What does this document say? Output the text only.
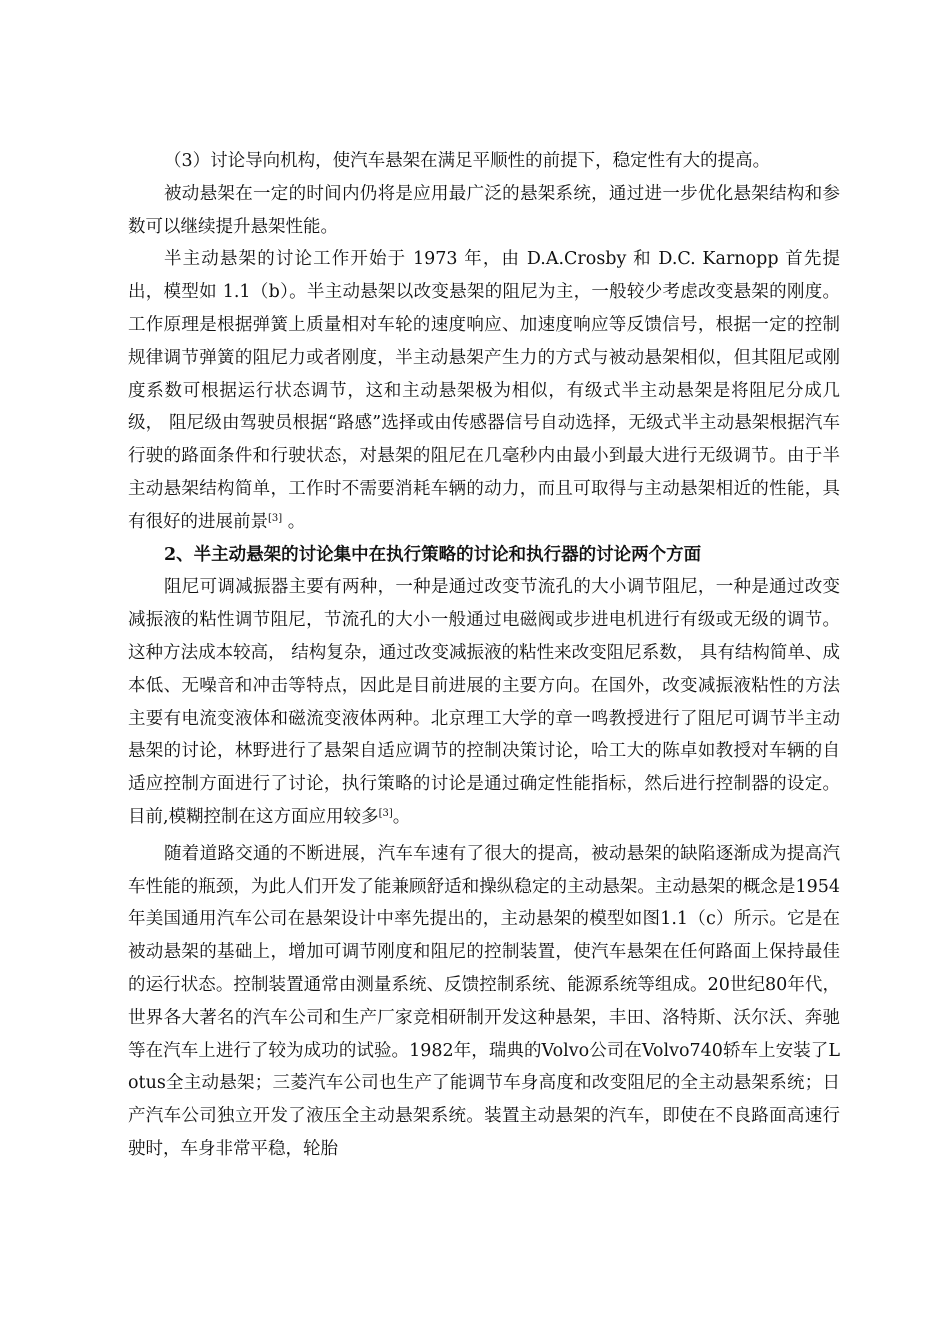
（3）讨论导向机构，使汽车悬架在满足平顺性的前提下，稳定性有大的提高。

被动悬架在一定的时间内仍将是应用最广泛的悬架系统，通过进一步优化悬架结构和参数可以继续提升悬架性能。

半主动悬架的讨论工作开始于 1973 年，由 D.A.Crosby 和 D.C. Karnopp 首先提出，模型如 1.1（b）。半主动悬架以改变悬架的阻尼为主，一般较少考虑改变悬架的刚度。工作原理是根据弹簧上质量相对车轮的速度响应、加速度响应等反馈信号，根据一定的控制规律调节弹簧的阻尼力或者刚度，半主动悬架产生力的方式与被动悬架相似，但其阻尼或刚度系数可根据运行状态调节，这和主动悬架极为相似，有级式半主动悬架是将阻尼分成几级， 阻尼级由驾驶员根据“路感”选择或由传感器信号自动选择，无级式半主动悬架根据汽车行驶的路面条件和行驶状态，对悬架的阻尼在几毫秒内由最小到最大进行无级调节。由于半主动悬架结构简单，工作时不需要消耗车辆的动力，而且可取得与主动悬架相近的性能，具有很好的进展前景[3] 。

2、半主动悬架的讨论集中在执行策略的讨论和执行器的讨论两个方面

阻尼可调减振器主要有两种，一种是通过改变节流孔的大小调节阻尼，一种是通过改变减振液的粘性调节阻尼，节流孔的大小一般通过电磁阀或步进电机进行有级或无级的调节。这种方法成本较高， 结构复杂，通过改变减振液的粘性来改变阻尼系数， 具有结构简单、成本低、无噪音和冲击等特点，因此是目前进展的主要方向。在国外，改变减振液粘性的方法主要有电流变液体和磁流变液体两种。北京理工大学的章一鸣教授进行了阻尼可调节半主动悬架的讨论，林野进行了悬架自适应调节的控制决策讨论，哈工大的陈卓如教授对车辆的自适应控制方面进行了讨论，执行策略的讨论是通过确定性能指标，然后进行控制器的设定。目前,模糊控制在这方面应用较多[3]。

随着道路交通的不断进展，汽车车速有了很大的提高，被动悬架的缺陷逐渐成为提高汽车性能的瓶颈，为此人们开发了能兼顾舒适和操纵稳定的主动悬架。主动悬架的概念是1954年美国通用汽车公司在悬架设计中率先提出的，主动悬架的模型如图1.1（c）所示。它是在被动悬架的基础上，增加可调节刚度和阻尼的控制装置，使汽车悬架在任何路面上保持最佳的运行状态。控制装置通常由测量系统、反馈控制系统、能源系统等组成。20世纪80年代，世界各大著名的汽车公司和生产厂家竞相研制开发这种悬架，丰田、洛特斯、沃尔沃、奔驰等在汽车上进行了较为成功的试验。1982年，瑞典的Volvo公司在Volvo740轿车上安装了Lotus全主动悬架；三菱汽车公司也生产了能调节车身高度和改变阻尼的全主动悬架系统；日产汽车公司独立开发了液压全主动悬架系统。装置主动悬架的汽车，即使在不良路面高速行驶时，车身非常平稳，轮胎
